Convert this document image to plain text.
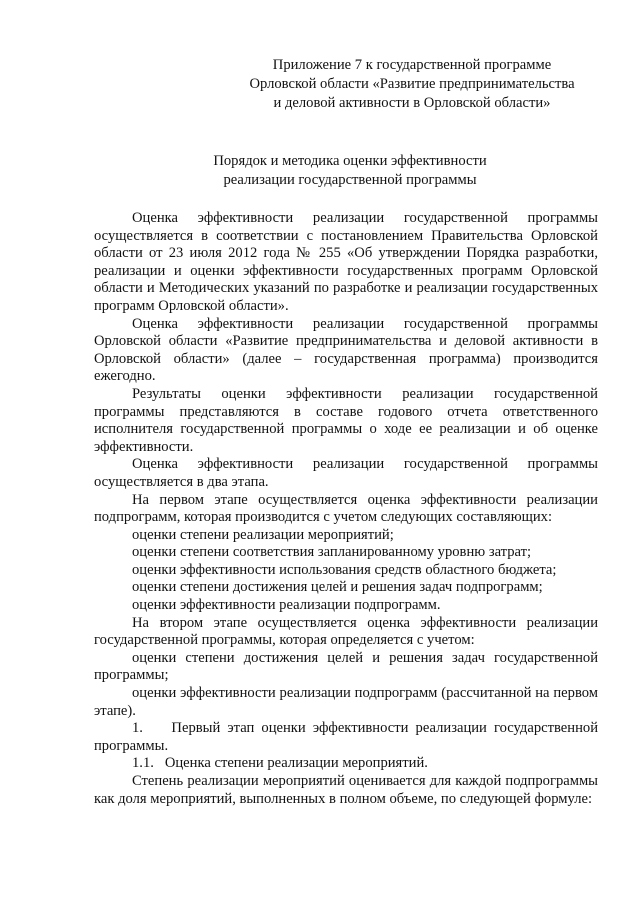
Приложение 7 к государственной программе
Орловской области «Развитие предпринимательства
и деловой активности в Орловской области»
Порядок и методика оценки эффективности
реализации государственной программы

Оценка эффективности реализации государственной программы осуществляется в соответствии с постановлением Правительства Орловской области от 23 июля 2012 года № 255 «Об утверждении Порядка разработки, реализации и оценки эффективности государственных программ Орловской области и Методических указаний по разработке и реализации государственных программ Орловской области».

Оценка эффективности реализации государственной программы Орловской области «Развитие предпринимательства и деловой активности в Орловской области» (далее – государственная программа) производится ежегодно.

Результаты оценки эффективности реализации государственной программы представляются в составе годового отчета ответственного исполнителя государственной программы о ходе ее реализации и об оценке эффективности.

Оценка эффективности реализации государственной программы осуществляется в два этапа.

На первом этапе осуществляется оценка эффективности реализации подпрограмм, которая производится с учетом следующих составляющих:

оценки степени реализации мероприятий;

оценки степени соответствия запланированному уровню затрат;

оценки эффективности использования средств областного бюджета;

оценки степени достижения целей и решения задач подпрограмм;

оценки эффективности реализации подпрограмм.

На втором этапе осуществляется оценка эффективности реализации государственной программы, которая определяется с учетом:

оценки степени достижения целей и решения задач государственной программы;

оценки эффективности реализации подпрограмм (рассчитанной на первом этапе).

1.    Первый этап оценки эффективности реализации государственной программы.

1.1.   Оценка степени реализации мероприятий.

Степень реализации мероприятий оценивается для каждой подпрограммы как доля мероприятий, выполненных в полном объеме, по следующей формуле:
